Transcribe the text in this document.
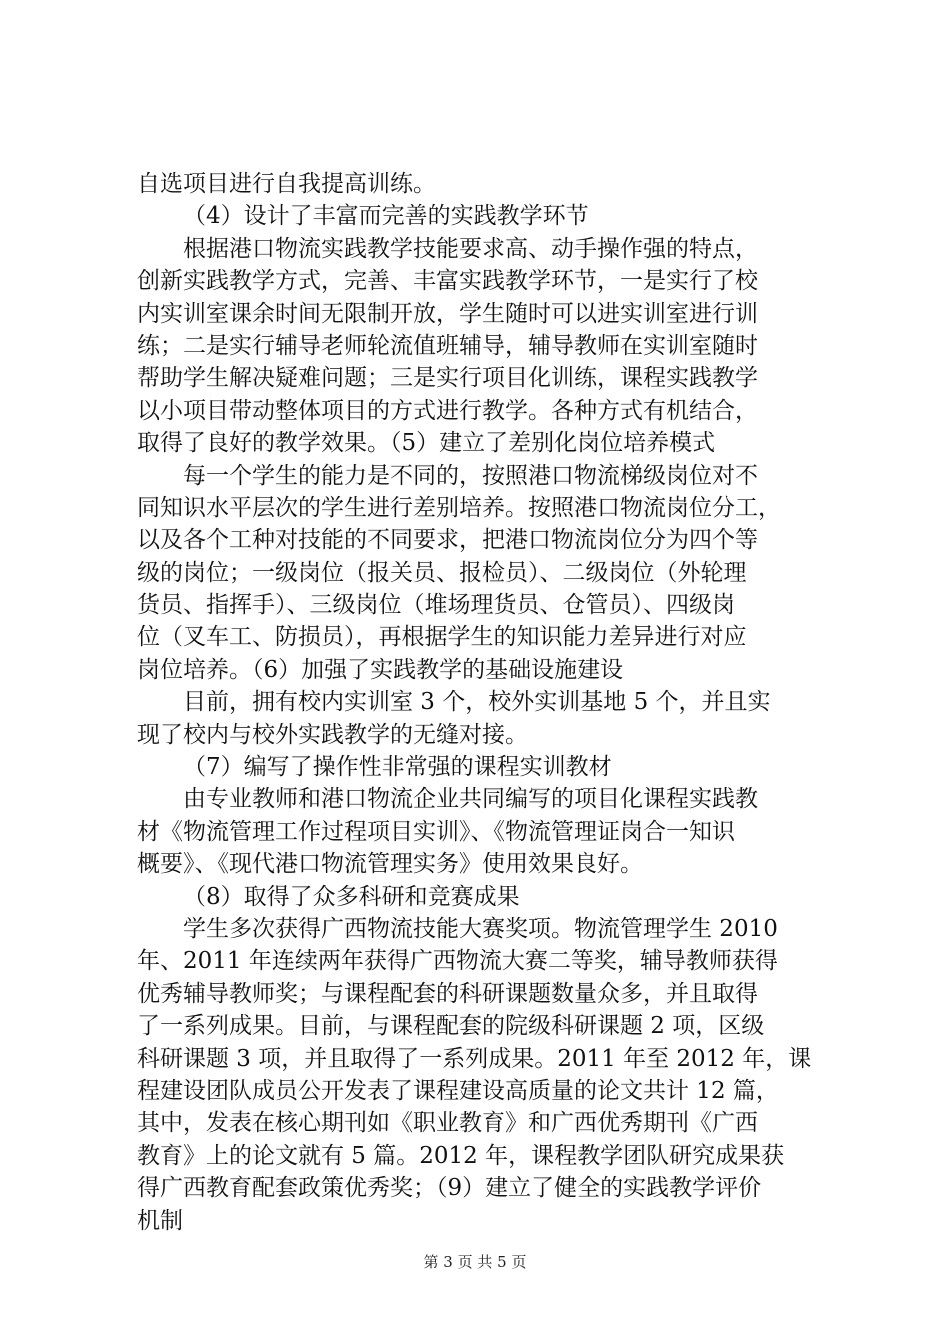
自选项目进行自我提高训练。
（4）设计了丰富而完善的实践教学环节
根据港口物流实践教学技能要求高、动手操作强的特点，
创新实践教学方式，完善、丰富实践教学环节，一是实行了校
内实训室课余时间无限制开放，学生随时可以进实训室进行训
练；二是实行辅导老师轮流值班辅导，辅导教师在实训室随时
帮助学生解决疑难问题；三是实行项目化训练，课程实践教学
以小项目带动整体项目的方式进行教学。各种方式有机结合，
取得了良好的教学效果。（5）建立了差别化岗位培养模式
每一个学生的能力是不同的，按照港口物流梯级岗位对不
同知识水平层次的学生进行差别培养。按照港口物流岗位分工，
以及各个工种对技能的不同要求，把港口物流岗位分为四个等
级的岗位；一级岗位（报关员、报检员）、二级岗位（外轮理
货员、指挥手）、三级岗位（堆场理货员、仓管员）、四级岗
位（叉车工、防损员），再根据学生的知识能力差异进行对应
岗位培养。（6）加强了实践教学的基础设施建设
目前，拥有校内实训室 3 个，校外实训基地 5 个，并且实
现了校内与校外实践教学的无缝对接。
（7）编写了操作性非常强的课程实训教材
由专业教师和港口物流企业共同编写的项目化课程实践教
材《物流管理工作过程项目实训》、《物流管理证岗合一知识
概要》、《现代港口物流管理实务》使用效果良好。
（8）取得了众多科研和竞赛成果
学生多次获得广西物流技能大赛奖项。物流管理学生 2010
年、2011 年连续两年获得广西物流大赛二等奖，辅导教师获得
优秀辅导教师奖；与课程配套的科研课题数量众多，并且取得
了一系列成果。目前，与课程配套的院级科研课题 2 项，区级
科研课题 3 项，并且取得了一系列成果。2011 年至 2012 年，课
程建设团队成员公开发表了课程建设高质量的论文共计 12 篇，
其中，发表在核心期刊如《职业教育》和广西优秀期刊《广西
教育》上的论文就有 5 篇。2012 年，课程教学团队研究成果获
得广西教育配套政策优秀奖；（9）建立了健全的实践教学评价
机制
第 3 页 共 5 页
